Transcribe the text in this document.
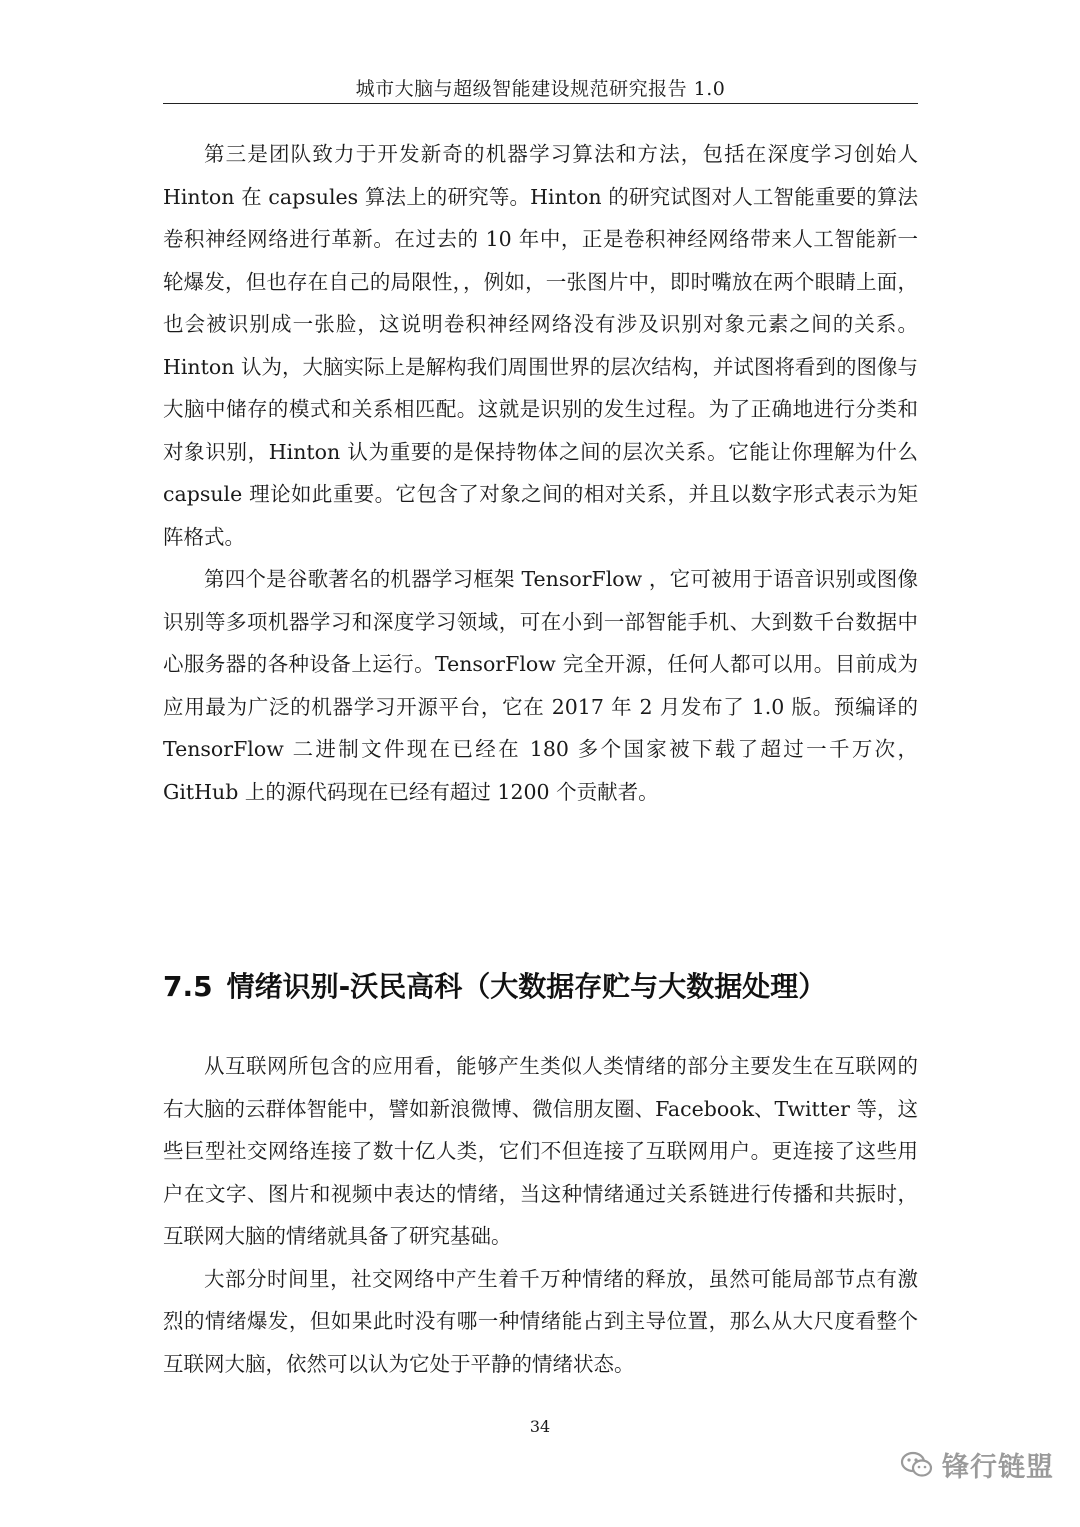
城市大脑与超级智能建设规范研究报告 1.0

第三是团队致力于开发新奇的机器学习算法和方法，包括在深度学习创始人 Hinton 在 capsules 算法上的研究等。Hinton 的研究试图对人工智能重要的算法卷积神经网络进行革新。在过去的 10 年中，正是卷积神经网络带来人工智能新一轮爆发，但也存在自己的局限性，，例如，一张图片中，即时嘴放在两个眼睛上面，也会被识别成一张脸，这说明卷积神经网络没有涉及识别对象元素之间的关系。Hinton 认为，大脑实际上是解构我们周围世界的层次结构，并试图将看到的图像与大脑中储存的模式和关系相匹配。这就是识别的发生过程。为了正确地进行分类和对象识别，Hinton 认为重要的是保持物体之间的层次关系。它能让你理解为什么 capsule 理论如此重要。它包含了对象之间的相对关系，并且以数字形式表示为矩阵格式。

第四个是谷歌著名的机器学习框架 TensorFlow ，它可被用于语音识别或图像识别等多项机器学习和深度学习领域，可在小到一部智能手机、大到数千台数据中心服务器的各种设备上运行。TensorFlow 完全开源，任何人都可以用。目前成为应用最为广泛的机器学习开源平台，它在 2017 年 2 月发布了 1.0 版。预编译的 TensorFlow 二进制文件现在已经在 180 多个国家被下载了超过一千万次，GitHub 上的源代码现在已经有超过 1200 个贡献者。

7.5 情绪识别-沃民高科（大数据存贮与大数据处理）

从互联网所包含的应用看，能够产生类似人类情绪的部分主要发生在互联网的右大脑的云群体智能中，譬如新浪微博、微信朋友圈、Facebook、Twitter 等，这些巨型社交网络连接了数十亿人类，它们不但连接了互联网用户。更连接了这些用户在文字、图片和视频中表达的情绪，当这种情绪通过关系链进行传播和共振时，互联网大脑的情绪就具备了研究基础。

大部分时间里，社交网络中产生着千万种情绪的释放，虽然可能局部节点有激烈的情绪爆发，但如果此时没有哪一种情绪能占到主导位置，那么从大尺度看整个互联网大脑，依然可以认为它处于平静的情绪状态。

34
锋行链盟
